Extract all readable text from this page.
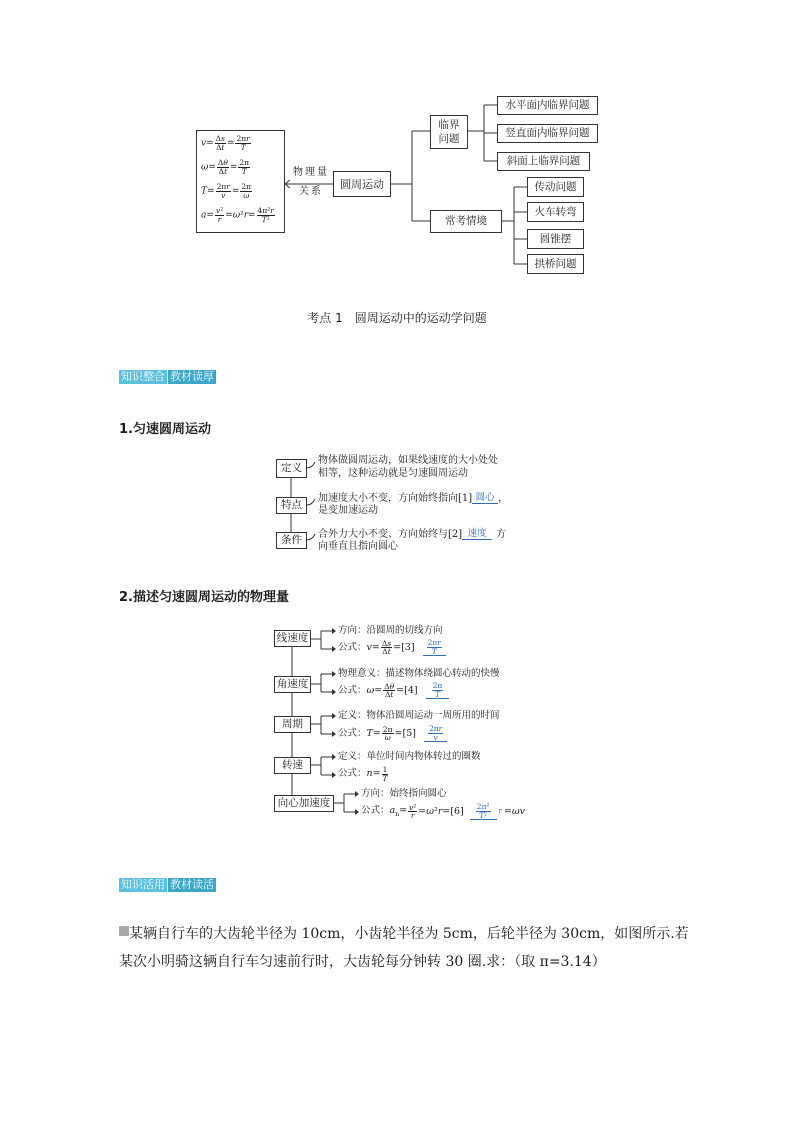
$v= \frac{\Delta s}{\Delta t} = \frac{2\pi r}{T}$
$\omega= \frac{\Delta\theta}{\Delta t} = \frac{2\pi}{T}$
$T= \frac{2\pi r}{v} = \frac{2\pi}{\omega}$
$a= \frac{\text{v²}}{r} =\omega^2r= \frac{\text{4π²r}}{\text{T²}}$
物理量
关系
圆周运动
临界
问题
水平面内临界问题
竖直面内临界问题
斜面上临界问题
常考情境
传动问题
火车转弯
圆锥摆
拱桥问题
考点 1　圆周运动中的运动学问题
知识整合 教材读厚
1.匀速圆周运动
定义
特点
条件
物体做圆周运动，如果线速度的大小处处
相等，这种运动就是匀速圆周运动
加速度大小不变，方向始终指向[1] 圆心 ，
是变加速运动
合外力大小不变、方向始终与[2] 速度 方
向垂直且指向圆心
2.描述匀速圆周运动的物理量
线速度
角速度
周期
转速
向心加速度
方向：沿圆周的切线方向
公式：$v= \frac{\Delta s}{\Delta t} =[3] \frac{2\pi r}{T}$
物理意义：描述物体绕圆心转动的快慢
公式：$\omega= \frac{\Delta\theta}{\Delta t} =[4] \frac{2\pi}{T}$
定义：物体沿圆周运动一周所用的时间
公式：$T= \frac{2\pi}{\omega} =[5] \frac{2\pi r}{v}$
定义：单位时间内物体转过的圈数
公式：$n= \frac{1}{T}$
方向：始终指向圆心
公式：$a_n= \frac{\text{v²}}{r} =\omega^2r=[6] \frac{\text{2π²}}{\text{T²}}$ r =ωv
知识活用 教材读活
某辆自行车的大齿轮半径为 10cm，小齿轮半径为 5cm，后轮半径为 30cm，如图所示.若
某次小明骑这辆自行车匀速前行时，大齿轮每分钟转 30 圈.求：（取 π=3.14）
